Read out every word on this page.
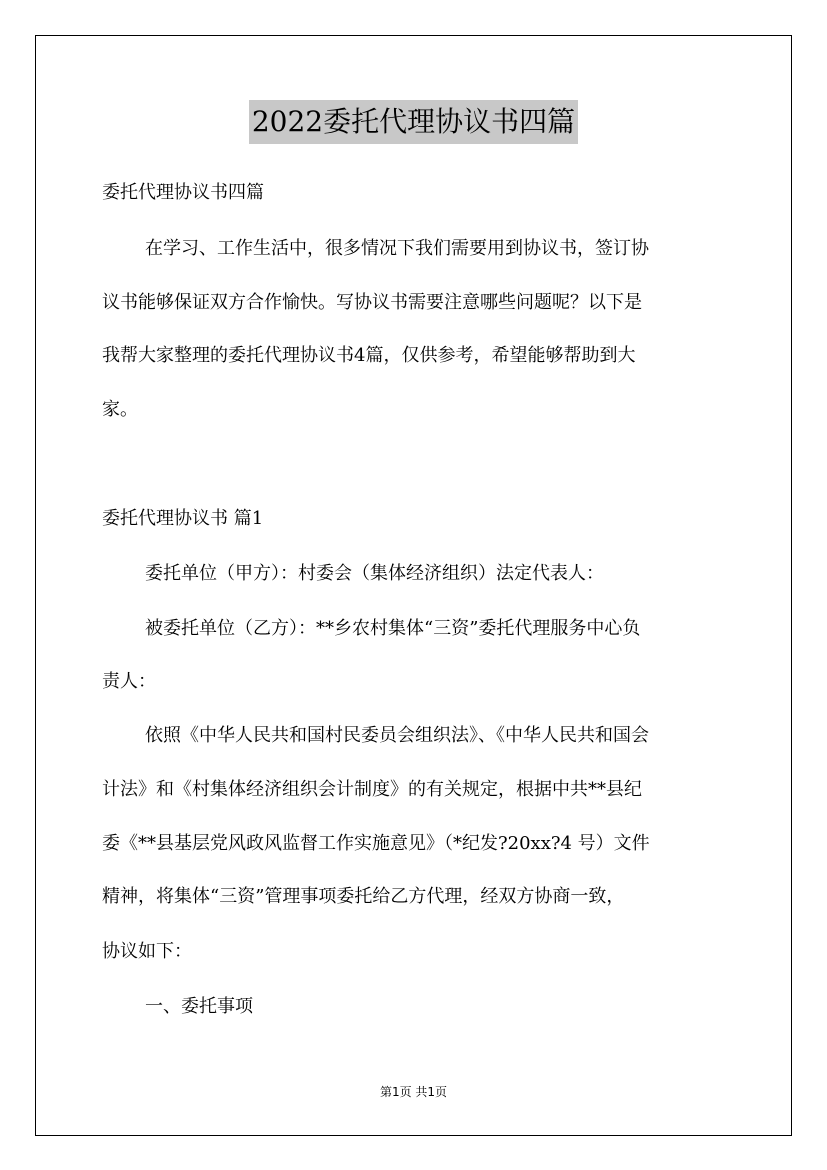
2022委托代理协议书四篇
委托代理协议书四篇
在学习、工作生活中，很多情况下我们需要用到协议书，签订协
议书能够保证双方合作愉快。写协议书需要注意哪些问题呢？以下是
我帮大家整理的委托代理协议书4篇，仅供参考，希望能够帮助到大
家。
委托代理协议书 篇1
委托单位（甲方）：村委会（集体经济组织）法定代表人：
被委托单位（乙方）：**乡农村集体“三资”委托代理服务中心负
责人：
依照《中华人民共和国村民委员会组织法》、《中华人民共和国会
计法》和《村集体经济组织会计制度》的有关规定，根据中共**县纪
委《**县基层党风政风监督工作实施意见》（*纪发?20xx?4 号）文件
精神，将集体“三资”管理事项委托给乙方代理，经双方协商一致，
协议如下：
一、委托事项
第1页 共1页
